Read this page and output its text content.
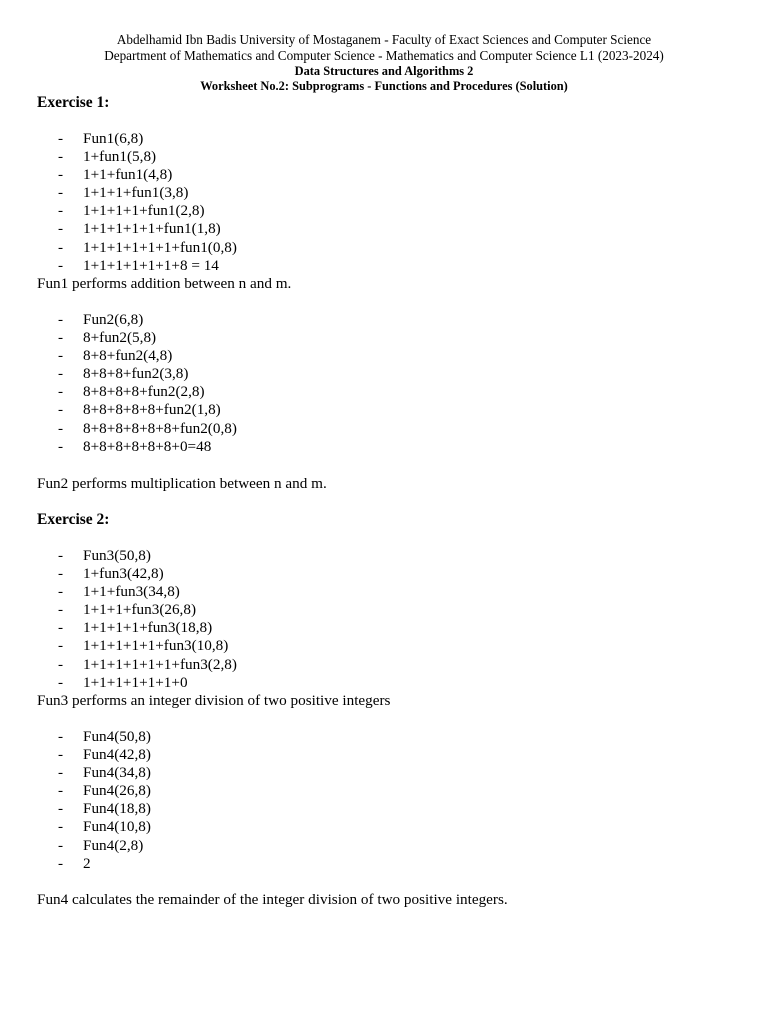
Abdelhamid Ibn Badis University of Mostaganem - Faculty of Exact Sciences and Computer Science
Department of Mathematics and Computer Science - Mathematics and Computer Science L1 (2023-2024)
Data Structures and Algorithms 2
Worksheet No.2: Subprograms - Functions and Procedures (Solution)
Exercise 1:
- Fun1(6,8)
- 1+fun1(5,8)
- 1+1+fun1(4,8)
- 1+1+1+fun1(3,8)
- 1+1+1+1+fun1(2,8)
- 1+1+1+1+1+fun1(1,8)
- 1+1+1+1+1+1+fun1(0,8)
- 1+1+1+1+1+1+8 = 14
Fun1 performs addition between n and m.
- Fun2(6,8)
- 8+fun2(5,8)
- 8+8+fun2(4,8)
- 8+8+8+fun2(3,8)
- 8+8+8+8+fun2(2,8)
- 8+8+8+8+8+fun2(1,8)
- 8+8+8+8+8+8+fun2(0,8)
- 8+8+8+8+8+8+0=48
Fun2 performs multiplication between n and m.
Exercise 2:
- Fun3(50,8)
- 1+fun3(42,8)
- 1+1+fun3(34,8)
- 1+1+1+fun3(26,8)
- 1+1+1+1+fun3(18,8)
- 1+1+1+1+1+fun3(10,8)
- 1+1+1+1+1+1+fun3(2,8)
- 1+1+1+1+1+1+0
Fun3 performs an integer division of two positive integers
- Fun4(50,8)
- Fun4(42,8)
- Fun4(34,8)
- Fun4(26,8)
- Fun4(18,8)
- Fun4(10,8)
- Fun4(2,8)
- 2
Fun4 calculates the remainder of the integer division of two positive integers.
